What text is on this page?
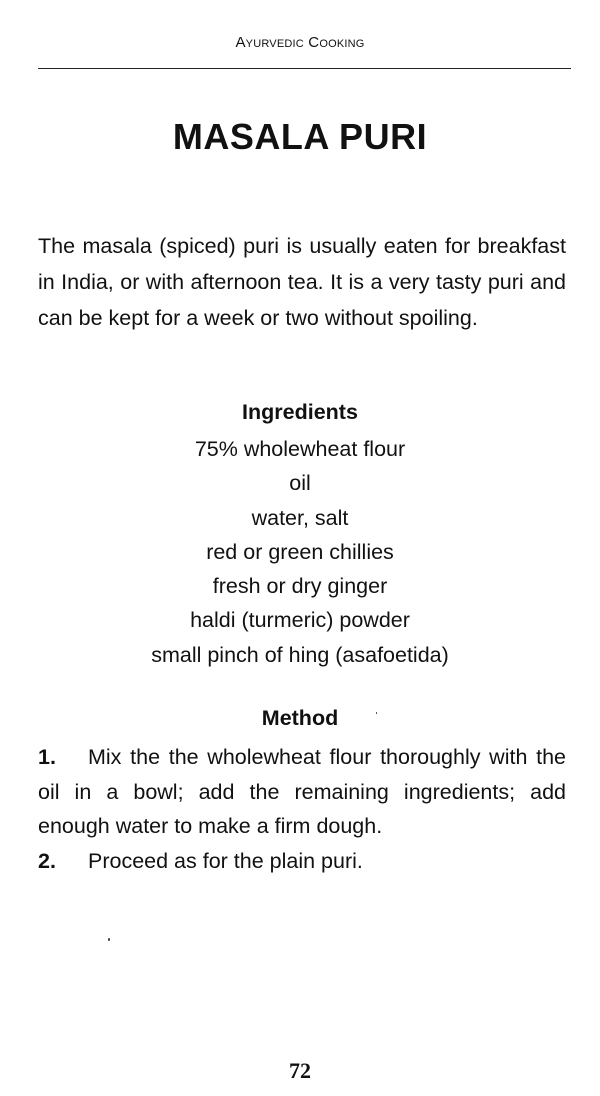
Ayurvedic Cooking
MASALA PURI

The masala (spiced) puri is usually eaten for breakfast in India, or with afternoon tea. It is a very tasty puri and can be kept for a week or two without spoiling.

Ingredients
75% wholewheat flour
oil
water, salt
red or green chillies
fresh or dry ginger
haldi (turmeric) powder
small pinch of hing (asafoetida)
Method
1. Mix the the wholewheat flour thoroughly with the oil in a bowl; add the remaining ingredients; add enough water to make a firm dough.
2. Proceed as for the plain puri.
72
